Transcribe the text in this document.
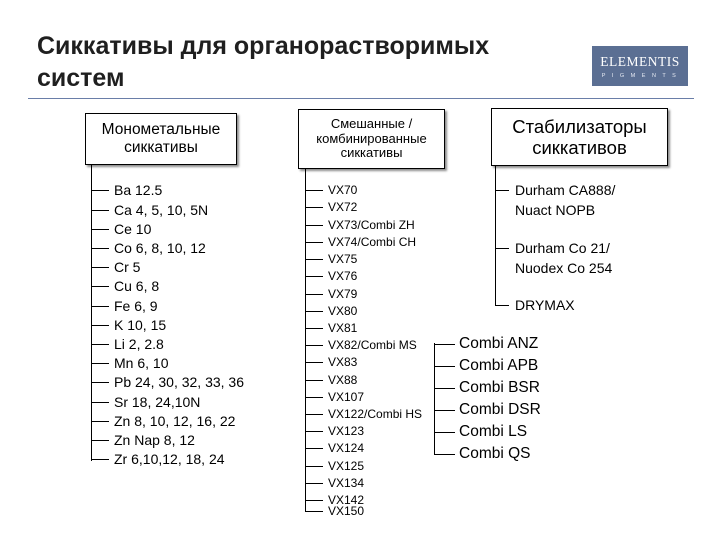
Сиккативы для органорастворимых систем
ELEMENTIS
P I G M E N T S
Монометальные сиккативы
Ba 12.5
Ca 4, 5, 10, 5N
Ce 10
Co 6, 8, 10, 12
Cr 5
Cu 6, 8
Fe 6, 9
K 10, 15
Li 2, 2.8
Mn 6, 10
Pb 24, 30, 32, 33, 36
Sr 18, 24,10N
Zn 8, 10, 12, 16, 22
Zn Nap 8, 12
Zr 6,10,12, 18, 24
Смешанные / комбинированные сиккативы
VX70
VX72
VX73/Combi ZH
VX74/Combi CH
VX75
VX76
VX79
VX80
VX81
VX82/Combi MS
VX83
VX88
VX107
VX122/Combi HS
VX123
VX124
VX125
VX134
VX142
VX150
Стабилизаторы сиккативов
Durham CA888/
Nuact NOPB
Durham Co 21/
Nuodex Co 254
DRYMAX
Combi ANZ
Combi APB
Combi BSR
Combi DSR
Combi LS
Combi QS
